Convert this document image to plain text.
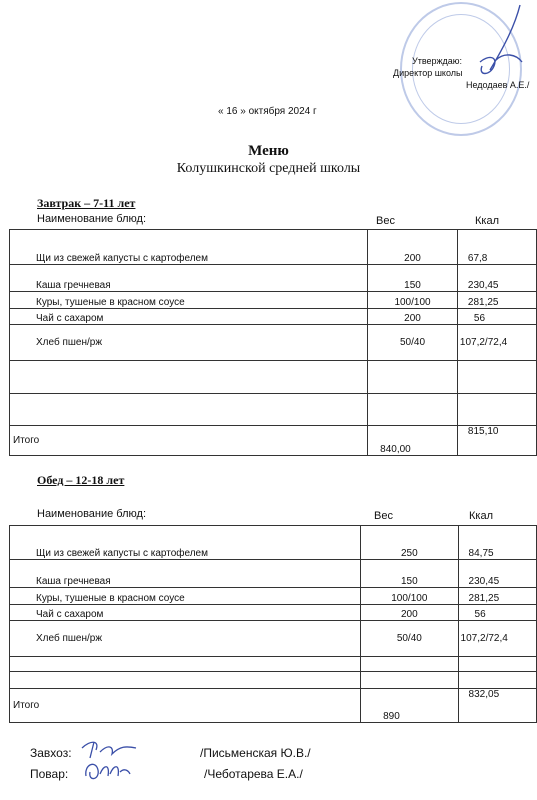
Утверждаю:
Директор школы
Недодаев А.Е./
« 16 » октября 2024 г
Меню
Колушкинской средней школы
Завтрак – 7-11 лет
Наименование блюд:	Вес	Ккал
Щи из свежей капусты с картофелем	200	67,8
Каша гречневая	150	230,45
Куры, тушеные в красном соусе	100/100	281,25
Чай с сахаром	200	56
Хлеб пшен/рж	50/40	107,2/72,4

Итого	840,00	815,10
Обед – 12-18 лет
Наименование блюд:	Вес	Ккал
Щи из свежей капусты с картофелем	250	84,75
Каша гречневая	150	230,45
Куры, тушеные в красном соусе	100/100	281,25
Чай с сахаром	200	56
Хлеб пшен/рж	50/40	107,2/72,4

Итого	890	832,05
Завхоз:	/Письменская Ю.В./
Повар:	/Чеботарева Е.А./
